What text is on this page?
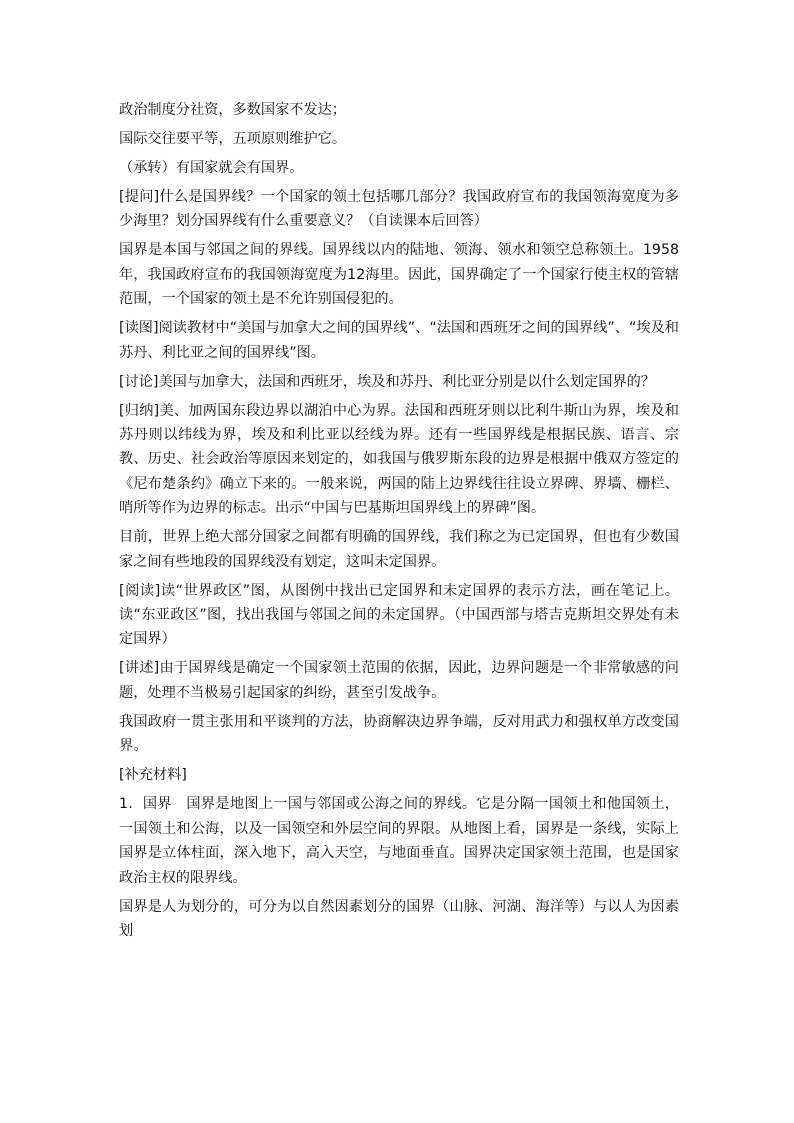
政治制度分社资，多数国家不发达；

国际交往要平等，五项原则维护它。

（承转）有国家就会有国界。

[提问]什么是国界线？一个国家的领土包括哪几部分？我国政府宣布的我国领海宽度为多少海里？划分国界线有什么重要意义？（自读课本后回答）

国界是本国与邻国之间的界线。国界线以内的陆地、领海、领水和领空总称领土。1958年，我国政府宣布的我国领海宽度为12海里。因此，国界确定了一个国家行使主权的管辖范围，一个国家的领土是不允许别国侵犯的。

[读图]阅读教材中“美国与加拿大之间的国界线”、“法国和西班牙之间的国界线”、“埃及和苏丹、利比亚之间的国界线”图。

[讨论]美国与加拿大，法国和西班牙，埃及和苏丹、利比亚分别是以什么划定国界的？

[归纳]美、加两国东段边界以湖泊中心为界。法国和西班牙则以比利牛斯山为界，埃及和苏丹则以纬线为界，埃及和利比亚以经线为界。还有一些国界线是根据民族、语言、宗教、历史、社会政治等原因来划定的，如我国与俄罗斯东段的边界是根据中俄双方签定的《尼布楚条约》确立下来的。一般来说，两国的陆上边界线往往设立界碑、界墙、栅栏、哨所等作为边界的标志。出示“中国与巴基斯坦国界线上的界碑”图。

目前，世界上绝大部分国家之间都有明确的国界线，我们称之为已定国界，但也有少数国家之间有些地段的国界线没有划定，这叫未定国界。

[阅读]读“世界政区”图，从图例中找出已定国界和未定国界的表示方法，画在笔记上。读“东亚政区”图，找出我国与邻国之间的未定国界。（中国西部与塔吉克斯坦交界处有未定国界）

[讲述]由于国界线是确定一个国家领土范围的依据，因此，边界问题是一个非常敏感的问题，处理不当极易引起国家的纠纷，甚至引发战争。

我国政府一贯主张用和平谈判的方法，协商解决边界争端，反对用武力和强权单方改变国界。

[补充材料]

1．国界　国界是地图上一国与邻国或公海之间的界线。它是分隔一国领土和他国领土，一国领土和公海，以及一国领空和外层空间的界限。从地图上看，国界是一条线，实际上国界是立体柱面，深入地下，高入天空，与地面垂直。国界决定国家领土范围，也是国家政治主权的限界线。

国界是人为划分的，可分为以自然因素划分的国界（山脉、河湖、海洋等）与以人为因素划
